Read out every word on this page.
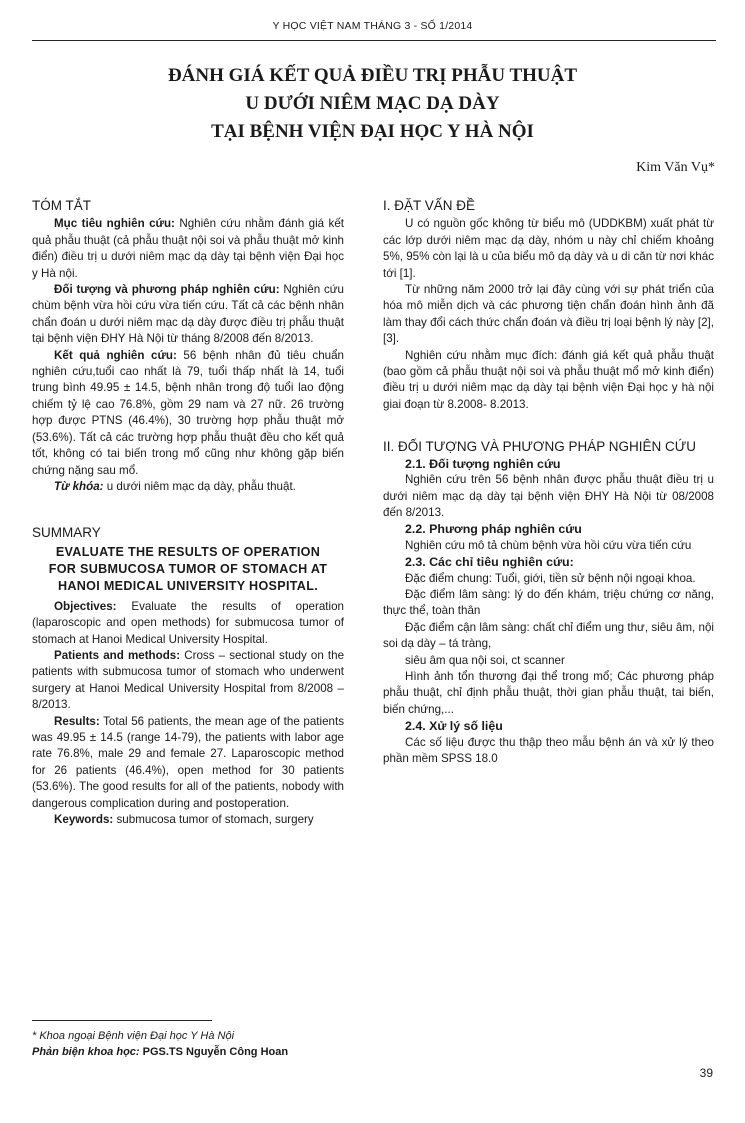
Y HỌC VIỆT NAM THÁNG 3 - SỐ 1/2014
ĐÁNH GIÁ KẾT QUẢ ĐIỀU TRỊ PHẪU THUẬT
U DƯỚI NIÊM MẠC DẠ DÀY
TẠI BỆNH VIỆN ĐẠI HỌC Y HÀ NỘI
Kim Văn Vụ*

TÓM TẮT

Mục tiêu nghiên cứu: Nghiên cứu nhằm đánh giá kết quả phẫu thuật (cả phẫu thuật nội soi và phẫu thuật mở kinh điển) điều trị u dưới niêm mạc dạ dày tại bệnh viện Đại học y Hà nội.

Đối tượng và phương pháp nghiên cứu: Nghiên cứu chùm bệnh vừa hồi cứu vừa tiến cứu. Tất cả các bệnh nhân chẩn đoán u dưới niêm mạc dạ dày được điều trị phẫu thuật tại bệnh viện ĐHY Hà Nội từ tháng 8/2008 đến 8/2013.

Kết quả nghiên cứu: 56 bệnh nhân đủ tiêu chuẩn nghiên cứu,tuổi cao nhất là 79, tuổi thấp nhất là 14, tuổi trung bình 49.95 ± 14.5, bệnh nhân trong độ tuổi lao động chiếm tỷ lệ cao 76.8%, gồm 29 nam và 27 nữ. 26 trường hợp được PTNS (46.4%), 30 trường hợp phẫu thuật mở (53.6%). Tất cả các trường hợp phẫu thuật đều cho kết quả tốt, không có tai biến trong mổ cũng như không gặp biến chứng nặng sau mổ.

Từ khóa: u dưới niêm mạc dạ dày, phẫu thuật.

SUMMARY

EVALUATE THE RESULTS OF OPERATION
FOR SUBMUCOSA TUMOR OF STOMACH AT
HANOI MEDICAL UNIVERSITY HOSPITAL.

Objectives: Evaluate the results of operation (laparoscopic and open methods) for submucosa tumor of stomach at Hanoi Medical University Hospital.

Patients and methods: Cross – sectional study on the patients with submucosa tumor of stomach who underwent surgery at Hanoi Medical University Hospital from 8/2008 – 8/2013.

Results: Total 56 patients, the mean age of the patients was 49.95 ± 14.5 (range 14-79), the patients with labor age rate 76.8%, male 29 and female 27. Laparoscopic method for 26 patients (46.4%), open method for 30 patients (53.6%). The good results for all of the patients, nobody with dangerous complication during and postoperation.

Keywords: submucosa tumor of stomach, surgery

* Khoa ngoại Bệnh viện Đại học Y Hà Nội
Phản biện khoa học: PGS.TS Nguyễn Công Hoan

I. ĐẶT VẤN ĐỀ

U có nguồn gốc không từ biểu mô (UDDKBM) xuất phát từ các lớp dưới niêm mạc dạ dày, nhóm u này chỉ chiếm khoảng 5%, 95% còn lại là u của biểu mô dạ dày và u di căn từ nơi khác tới [1].

Từ những năm 2000 trở lại đây cùng với sự phát triển của hóa mô miễn dịch và các phương tiện chẩn đoán hình ảnh đã làm thay đổi cách thức chẩn đoán và điều trị loại bệnh lý này [2],[3].

Nghiên cứu nhằm mục đích: đánh giá kết quả phẫu thuật (bao gồm cả phẫu thuật nội soi và phẫu thuật mổ mở kinh điển) điều trị u dưới niêm mạc dạ dày tại bệnh viện Đại học y hà nội giai đoạn từ 8.2008- 8.2013.

II. ĐỐI TƯỢNG VÀ PHƯƠNG PHÁP NGHIÊN CỨU

2.1. Đối tượng nghiên cứu

Nghiên cứu trên 56 bệnh nhân được phẫu thuật điều trị u dưới niêm mạc dạ dày tại bệnh viện ĐHY Hà Nội từ 08/2008 đến 8/2013.

2.2. Phương pháp nghiên cứu

Nghiên cứu mô tả chùm bệnh vừa hồi cứu vừa tiến cứu

2.3. Các chỉ tiêu nghiên cứu:

Đặc điểm chung: Tuổi, giới, tiền sử bệnh nội ngoại khoa.

Đặc điểm lâm sàng: lý do đến khám, triệu chứng cơ năng, thực thể, toàn thân

Đặc điểm cận lâm sàng: chất chỉ điểm ung thư, siêu âm, nội soi dạ dày – tá tràng,

siêu âm qua nội soi, ct scanner

Hình ảnh tổn thương đại thể trong mổ; Các phương pháp phẫu thuật, chỉ định phẫu thuật, thời gian phẫu thuật, tai biến, biến chứng,...

2.4. Xử lý số liệu

Các số liệu được thu thập theo mẫu bệnh án và xử lý theo phần mềm SPSS 18.0

39
